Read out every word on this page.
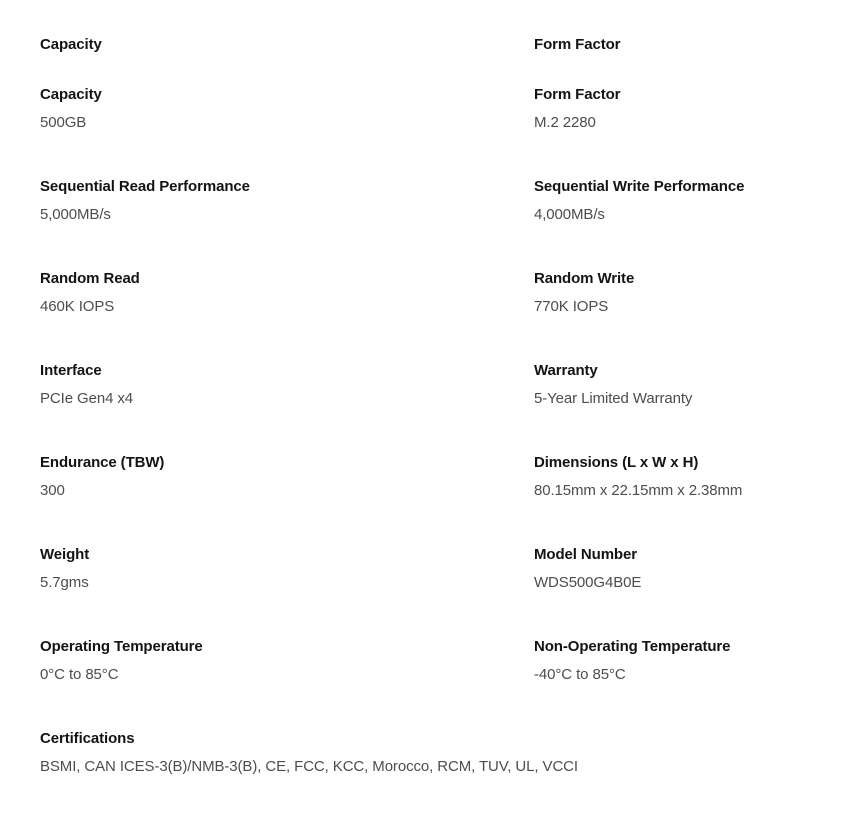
Capacity
Capacity
500GB
Sequential Read Performance
5,000MB/s
Random Read
460K IOPS
Interface
PCIe Gen4 x4
Endurance (TBW)
300
Weight
5.7gms
Operating Temperature
0°C to 85°C
Form Factor
Form Factor
M.2 2280
Sequential Write Performance
4,000MB/s
Random Write
770K IOPS
Warranty
5-Year Limited Warranty
Dimensions (L x W x H)
80.15mm x 22.15mm x 2.38mm
Model Number
WDS500G4B0E
Non-Operating Temperature
-40°C to 85°C
Certifications
BSMI, CAN ICES-3(B)/NMB-3(B), CE, FCC, KCC, Morocco, RCM, TUV, UL, VCCI
